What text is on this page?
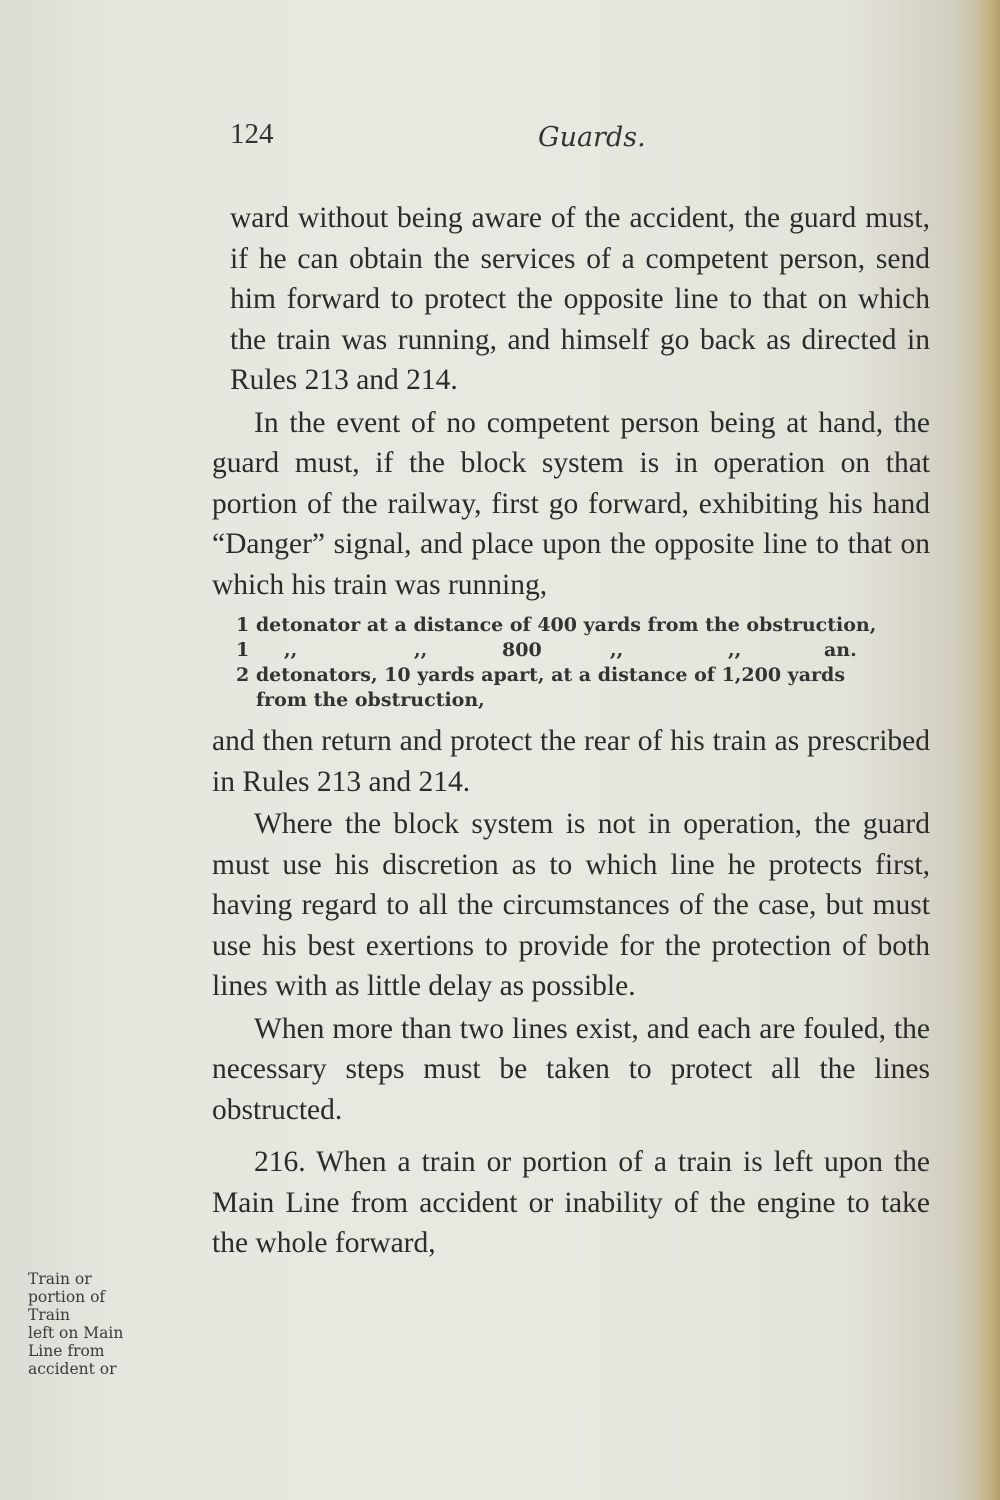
124	Guards.

ward without being aware of the accident, the guard must, if he can obtain the services of a competent person, send him forward to protect the opposite line to that on which the train was running, and himself go back as directed in Rules 213 and 214.

In the event of no competent person being at hand, the guard must, if the block system is in operation on that portion of the railway, first go forward, exhibiting his hand “Danger” signal, and place upon the opposite line to that on which his train was running,

1 detonator at a distance of 400 yards from the obstruction,
1	,,	,,	800	,,	,,	an.
2 detonators, 10 yards apart, at a distance of 1,200 yards
from the obstruction,

and then return and protect the rear of his train as prescribed in Rules 213 and 214.

Where the block system is not in operation, the guard must use his discretion as to which line he protects first, having regard to all the circumstances of the case, but must use his best exertions to provide for the protection of both lines with as little delay as possible.

When more than two lines exist, and each are fouled, the necessary steps must be taken to protect all the lines obstructed.

216. When a train or portion of a train is left upon the Main Line from accident or inability of the engine to take the whole forward,

Train or
portion of
Train
left on Main
Line from
accident or
